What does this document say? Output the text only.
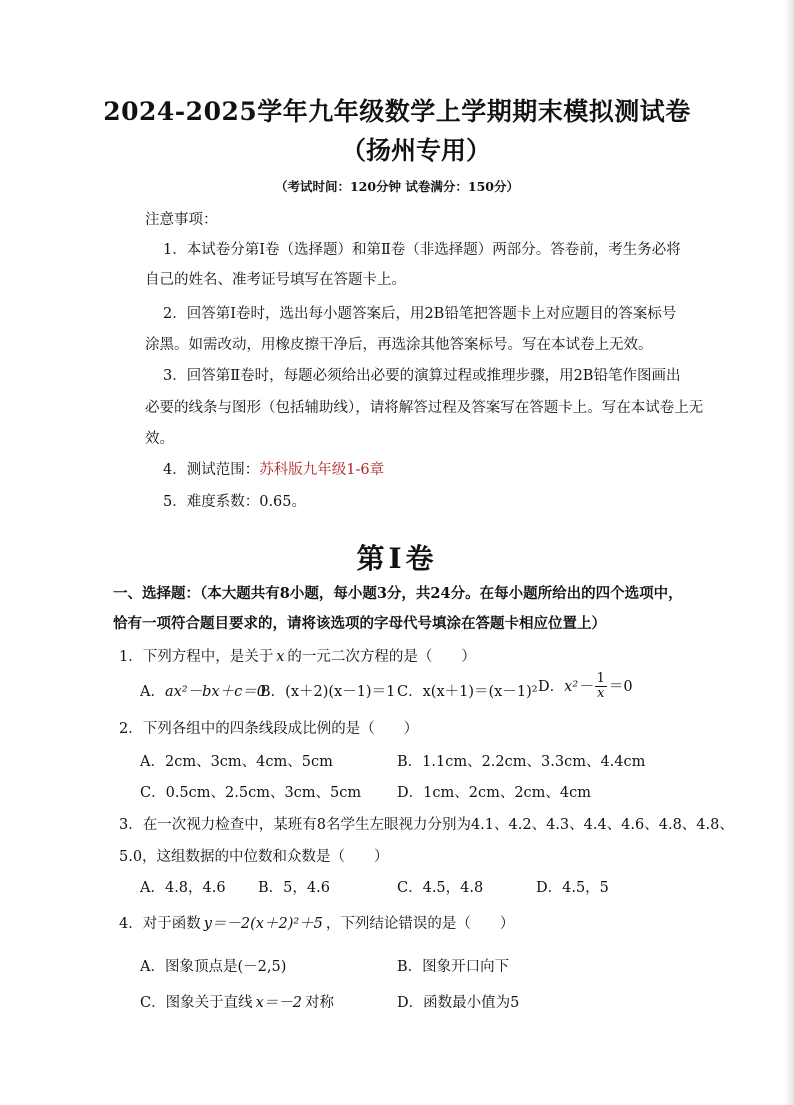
2024-2025学年九年级数学上学期期末模拟测试卷
（扬州专用）
（考试时间：120分钟 试卷满分：150分）
注意事项：
1．本试卷分第Ⅰ卷（选择题）和第Ⅱ卷（非选择题）两部分。答卷前，考生务必将
自己的姓名、准考证号填写在答题卡上。
2．回答第Ⅰ卷时，选出每小题答案后，用2B铅笔把答题卡上对应题目的答案标号
涂黑。如需改动，用橡皮擦干净后，再选涂其他答案标号。写在本试卷上无效。
3．回答第Ⅱ卷时，每题必须给出必要的演算过程或推理步骤，用2B铅笔作图画出
必要的线条与图形（包括辅助线），请将解答过程及答案写在答题卡上。写在本试卷上无
效。
4．测试范围：苏科版九年级1-6章
5．难度系数：0.65。
第Ⅰ卷
一、选择题：（本大题共有8小题，每小题3分，共24分。在每小题所给出的四个选项中，
恰有一项符合题目要求的，请将该选项的字母代号填涂在答题卡相应位置上）
1．下列方程中，是关于 x 的一元二次方程的是（　　）
A．ax²－bx＋c＝0
B．(x＋2)(x－1)＝1 C．x(x＋1)＝(x－1)² D．$x^2- \frac{1}{x} =0$
2．下列各组中的四条线段成比例的是（　　）
A．2cm、3cm、4cm、5cm	B．1.1cm、2.2cm、3.3cm、4.4cm
C．0.5cm、2.5cm、3cm、5cm D．1cm、2cm、2cm、4cm
3．在一次视力检查中，某班有8名学生左眼视力分别为4.1、4.2、4.3、4.4、4.6、4.8、4.8、
5.0，这组数据的中位数和众数是（　　）
A．4.8，4.6 B．5，4.6	C．4.5，4.8	D．4.5，5
4．对于函数 y＝－2(x＋2)²＋5 ，下列结论错误的是（　　）
A．图象顶点是(－2,5)	B．图象开口向下
C．图象关于直线 x＝－2 对称	D．函数最小值为5
